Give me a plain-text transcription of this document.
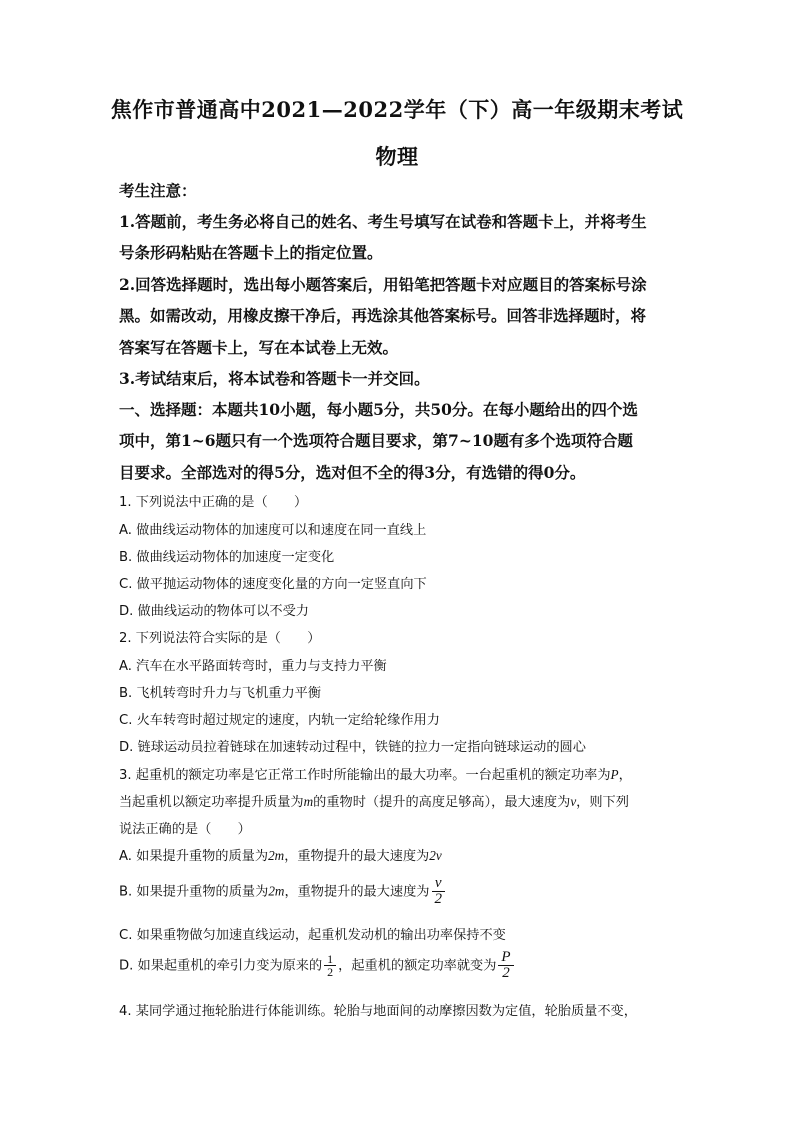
焦作市普通高中2021—2022学年（下）高一年级期末考试
物理
考生注意：
1.答题前，考生务必将自己的姓名、考生号填写在试卷和答题卡上，并将考生
号条形码粘贴在答题卡上的指定位置。
2.回答选择题时，选出每小题答案后，用铅笔把答题卡对应题目的答案标号涂
黑。如需改动，用橡皮擦干净后，再选涂其他答案标号。回答非选择题时，将
答案写在答题卡上，写在本试卷上无效。
3.考试结束后，将本试卷和答题卡一并交回。
一、选择题：本题共10小题，每小题5分，共50分。在每小题给出的四个选
项中，第1~6题只有一个选项符合题目要求，第7~10题有多个选项符合题
目要求。全部选对的得5分，选对但不全的得3分，有选错的得0分。
1. 下列说法中正确的是（　　）
A. 做曲线运动物体的加速度可以和速度在同一直线上
B. 做曲线运动物体的加速度一定变化
C. 做平抛运动物体的速度变化量的方向一定竖直向下
D. 做曲线运动的物体可以不受力
2. 下列说法符合实际的是（　　）
A. 汽车在水平路面转弯时，重力与支持力平衡
B. 飞机转弯时升力与飞机重力平衡
C. 火车转弯时超过规定的速度，内轨一定给轮缘作用力
D. 链球运动员拉着链球在加速转动过程中，铁链的拉力一定指向链球运动的圆心
3. 起重机的额定功率是它正常工作时所能输出的最大功率。一台起重机的额定功率为P，
当起重机以额定功率提升质量为m的重物时（提升的高度足够高），最大速度为v，则下列
说法正确的是（　　）
A. 如果提升重物的质量为2m，重物提升的最大速度为2v
B. 如果提升重物的质量为2m，重物提升的最大速度为 $\frac{v}{2}$
C. 如果重物做匀加速直线运动，起重机发动机的输出功率保持不变
D. 如果起重机的牵引力变为原来的 $\frac{1}{2}$ ，起重机的额定功率就变为 $\frac{P}{2}$
4. 某同学通过拖轮胎进行体能训练。轮胎与地面间的动摩擦因数为定值，轮胎质量不变，
